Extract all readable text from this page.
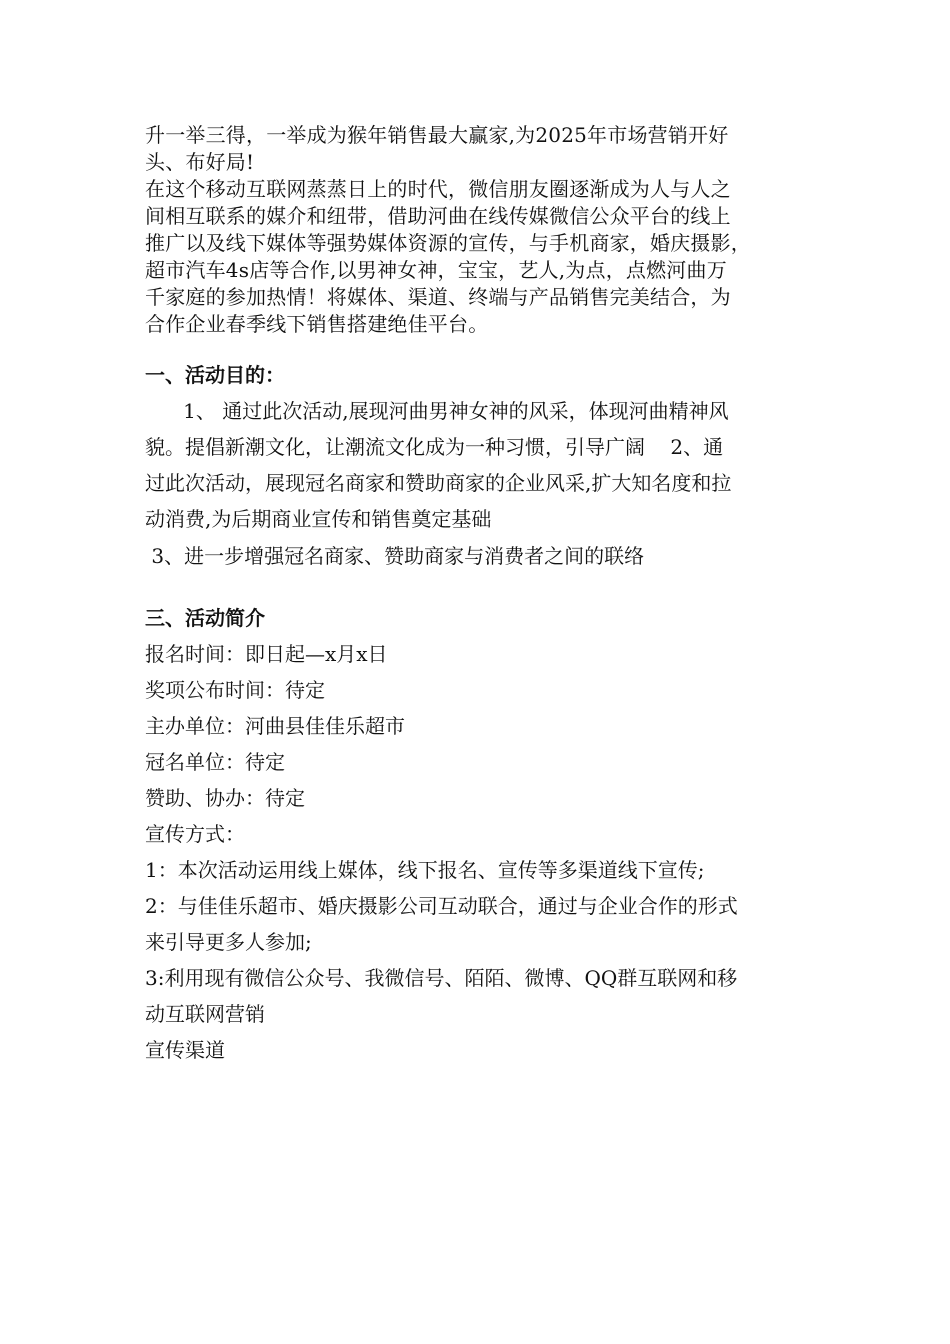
升一举三得，一举成为猴年销售最大赢家,为2025年市场营销开好

头、布好局!

在这个移动互联网蒸蒸日上的时代，微信朋友圈逐渐成为人与人之

间相互联系的媒介和纽带，借助河曲在线传媒微信公众平台的线上

推广以及线下媒体等强势媒体资源的宣传，与手机商家，婚庆摄影，

超市汽车4s店等合作,以男神女神，宝宝，艺人,为点，点燃河曲万

千家庭的参加热情！将媒体、渠道、终端与产品销售完美结合，为

合作企业春季线下销售搭建绝佳平台。

一、活动目的：

1、 通过此次活动,展现河曲男神女神的风采，体现河曲精神风

貌。提倡新潮文化，让潮流文化成为一种习惯，引导广阔    2、通

过此次活动，展现冠名商家和赞助商家的企业风采,扩大知名度和拉

动消费,为后期商业宣传和销售奠定基础

3、进一步增强冠名商家、赞助商家与消费者之间的联络

三、活动简介

报名时间：即日起—x月x日

奖项公布时间：待定

主办单位：河曲县佳佳乐超市

冠名单位：待定

赞助、协办：待定

宣传方式：

1：本次活动运用线上媒体，线下报名、宣传等多渠道线下宣传;

2：与佳佳乐超市、婚庆摄影公司互动联合，通过与企业合作的形式

来引导更多人参加;

3:利用现有微信公众号、我微信号、陌陌、微博、QQ群互联网和移

动互联网营销

宣传渠道
